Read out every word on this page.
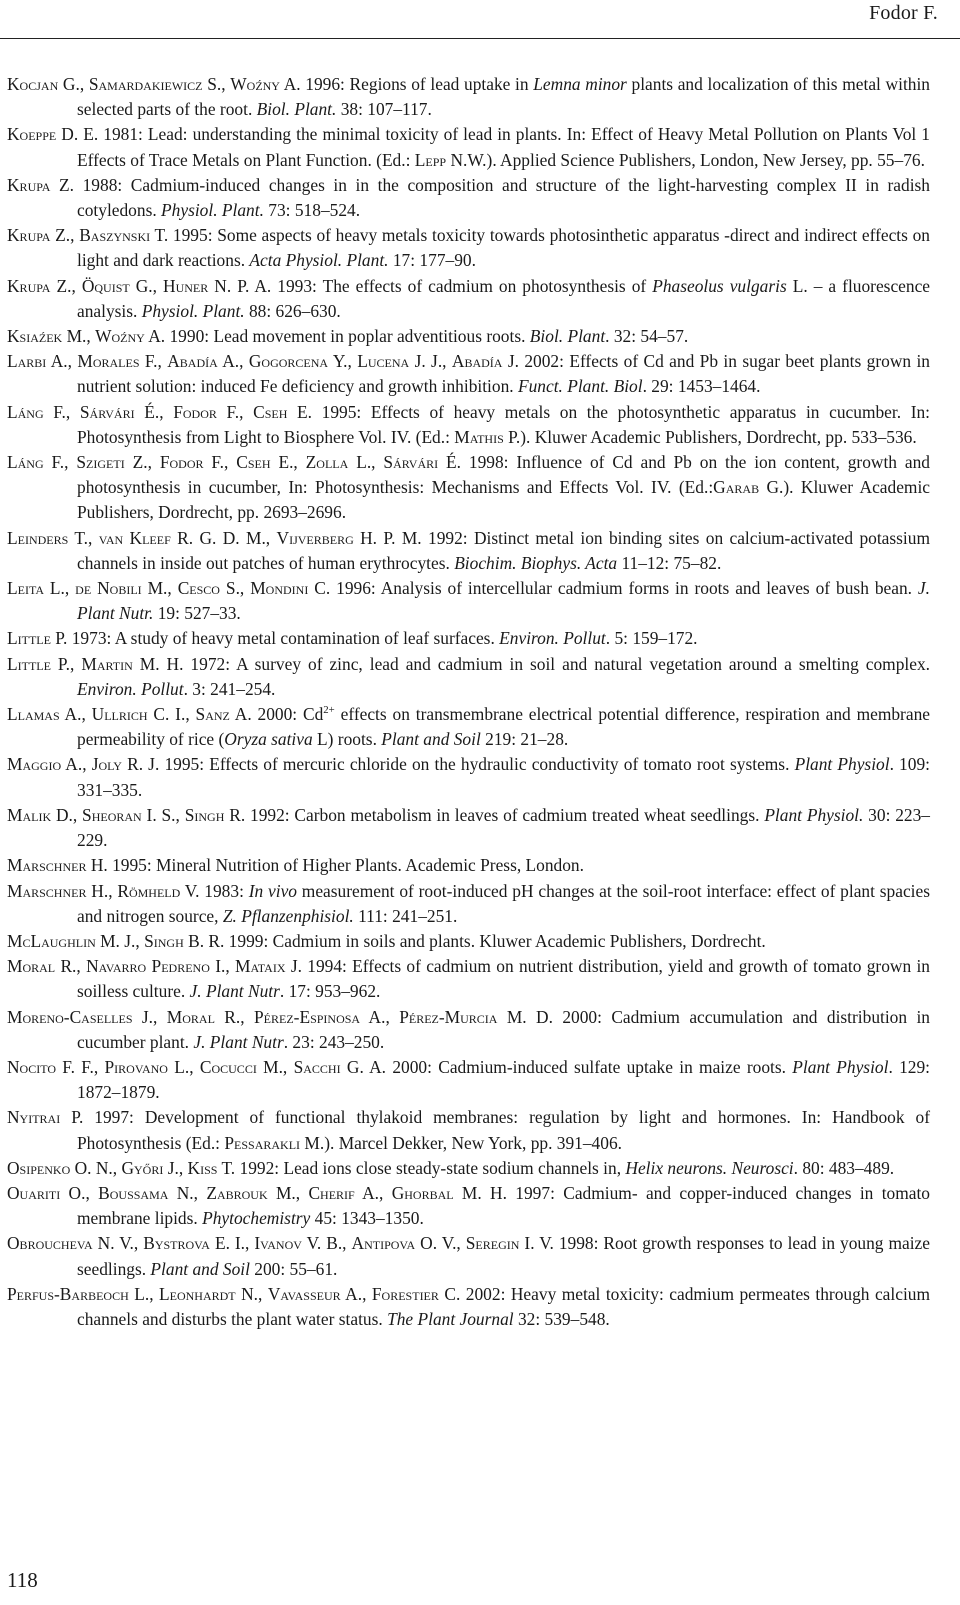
Fodor F.

Kocjan G., Samardakiewicz S., Woźny A. 1996: Regions of lead uptake in Lemna minor plants and localization of this metal within selected parts of the root. Biol. Plant. 38: 107–117.

Koeppe D. E. 1981: Lead: understanding the minimal toxicity of lead in plants. In: Effect of Heavy Metal Pollution on Plants Vol 1 Effects of Trace Metals on Plant Function. (Ed.: Lepp N.W.). Applied Science Publishers, London, New Jersey, pp. 55–76.

Krupa Z. 1988: Cadmium-induced changes in in the composition and structure of the light-harvesting complex II in radish cotyledons. Physiol. Plant. 73: 518–524.

Krupa Z., Baszynski T. 1995: Some aspects of heavy metals toxicity towards photosinthetic apparatus -direct and indirect effects on light and dark reactions. Acta Physiol. Plant. 17: 177–90.

Krupa Z., Öquist G., Huner N. P. A. 1993: The effects of cadmium on photosynthesis of Phaseolus vulgaris L. – a fluorescence analysis. Physiol. Plant. 88: 626–630.

Ksiaźek M., Woźny A. 1990: Lead movement in poplar adventitious roots. Biol. Plant. 32: 54–57.

Larbi A., Morales F., Abadía A., Gogorcena Y., Lucena J. J., Abadía J. 2002: Effects of Cd and Pb in sugar beet plants grown in nutrient solution: induced Fe deficiency and growth inhibition. Funct. Plant. Biol. 29: 1453–1464.

Láng F., Sárvári É., Fodor F., Cseh E. 1995: Effects of heavy metals on the photosynthetic apparatus in cucumber. In: Photosynthesis from Light to Biosphere Vol. IV. (Ed.: Mathis P.). Kluwer Academic Publishers, Dordrecht, pp. 533–536.

Láng F., Szigeti Z., Fodor F., Cseh E., Zolla L., Sárvári É. 1998: Influence of Cd and Pb on the ion content, growth and photosynthesis in cucumber, In: Photosynthesis: Mechanisms and Effects Vol. IV. (Ed.:Garab G.). Kluwer Academic Publishers, Dordrecht, pp. 2693–2696.

Leinders T., van Kleef R. G. D. M., Vijverberg H. P. M. 1992: Distinct metal ion binding sites on calcium-activated potassium channels in inside out patches of human erythrocytes. Biochim. Biophys. Acta 11–12: 75–82.

Leita L., de Nobili M., Cesco S., Mondini C. 1996: Analysis of intercellular cadmium forms in roots and leaves of bush bean. J. Plant Nutr. 19: 527–33.

Little P. 1973: A study of heavy metal contamination of leaf surfaces. Environ. Pollut. 5: 159–172.

Little P., Martin M. H. 1972: A survey of zinc, lead and cadmium in soil and natural vegetation around a smelting complex. Environ. Pollut. 3: 241–254.

Llamas A., Ullrich C. I., Sanz A. 2000: $Cd^{2+}$ effects on transmembrane electrical potential difference, respiration and membrane permeability of rice (Oryza sativa L) roots. Plant and Soil 219: 21–28.

Maggio A., Joly R. J. 1995: Effects of mercuric chloride on the hydraulic conductivity of tomato root systems. Plant Physiol. 109: 331–335.

Malik D., Sheoran I. S., Singh R. 1992: Carbon metabolism in leaves of cadmium treated wheat seedlings. Plant Physiol. 30: 223–229.

Marschner H. 1995: Mineral Nutrition of Higher Plants. Academic Press, London.

Marschner H., Römheld V. 1983: In vivo measurement of root-induced pH changes at the soil-root interface: effect of plant spacies and nitrogen source, Z. Pflanzenphisiol. 111: 241–251.

McLaughlin M. J., Singh B. R. 1999: Cadmium in soils and plants. Kluwer Academic Publishers, Dordrecht.

Moral R., Navarro Pedreno I., Mataix J. 1994: Effects of cadmium on nutrient distribution, yield and growth of tomato grown in soilless culture. J. Plant Nutr. 17: 953–962.

Moreno-Caselles J., Moral R., Pérez-Espinosa A., Pérez-Murcia M. D. 2000: Cadmium accumulation and distribution in cucumber plant. J. Plant Nutr. 23: 243–250.

Nocito F. F., Pirovano L., Cocucci M., Sacchi G. A. 2000: Cadmium-induced sulfate uptake in maize roots. Plant Physiol. 129: 1872–1879.

Nyitrai P. 1997: Development of functional thylakoid membranes: regulation by light and hormones. In: Handbook of Photosynthesis (Ed.: Pessarakli M.). Marcel Dekker, New York, pp. 391–406.

Osipenko O. N., Győri J., Kiss T. 1992: Lead ions close steady-state sodium channels in, Helix neurons. Neurosci. 80: 483–489.

Ouariti O., Boussama N., Zabrouk M., Cherif A., Ghorbal M. H. 1997: Cadmium- and copper-induced changes in tomato membrane lipids. Phytochemistry 45: 1343–1350.

Obroucheva N. V., Bystrova E. I., Ivanov V. B., Antipova O. V., Seregin I. V. 1998: Root growth responses to lead in young maize seedlings. Plant and Soil 200: 55–61.

Perfus-Barbeoch L., Leonhardt N., Vavasseur A., Forestier C. 2002: Heavy metal toxicity: cadmium permeates through calcium channels and disturbs the plant water status. The Plant Journal 32: 539–548.

118
